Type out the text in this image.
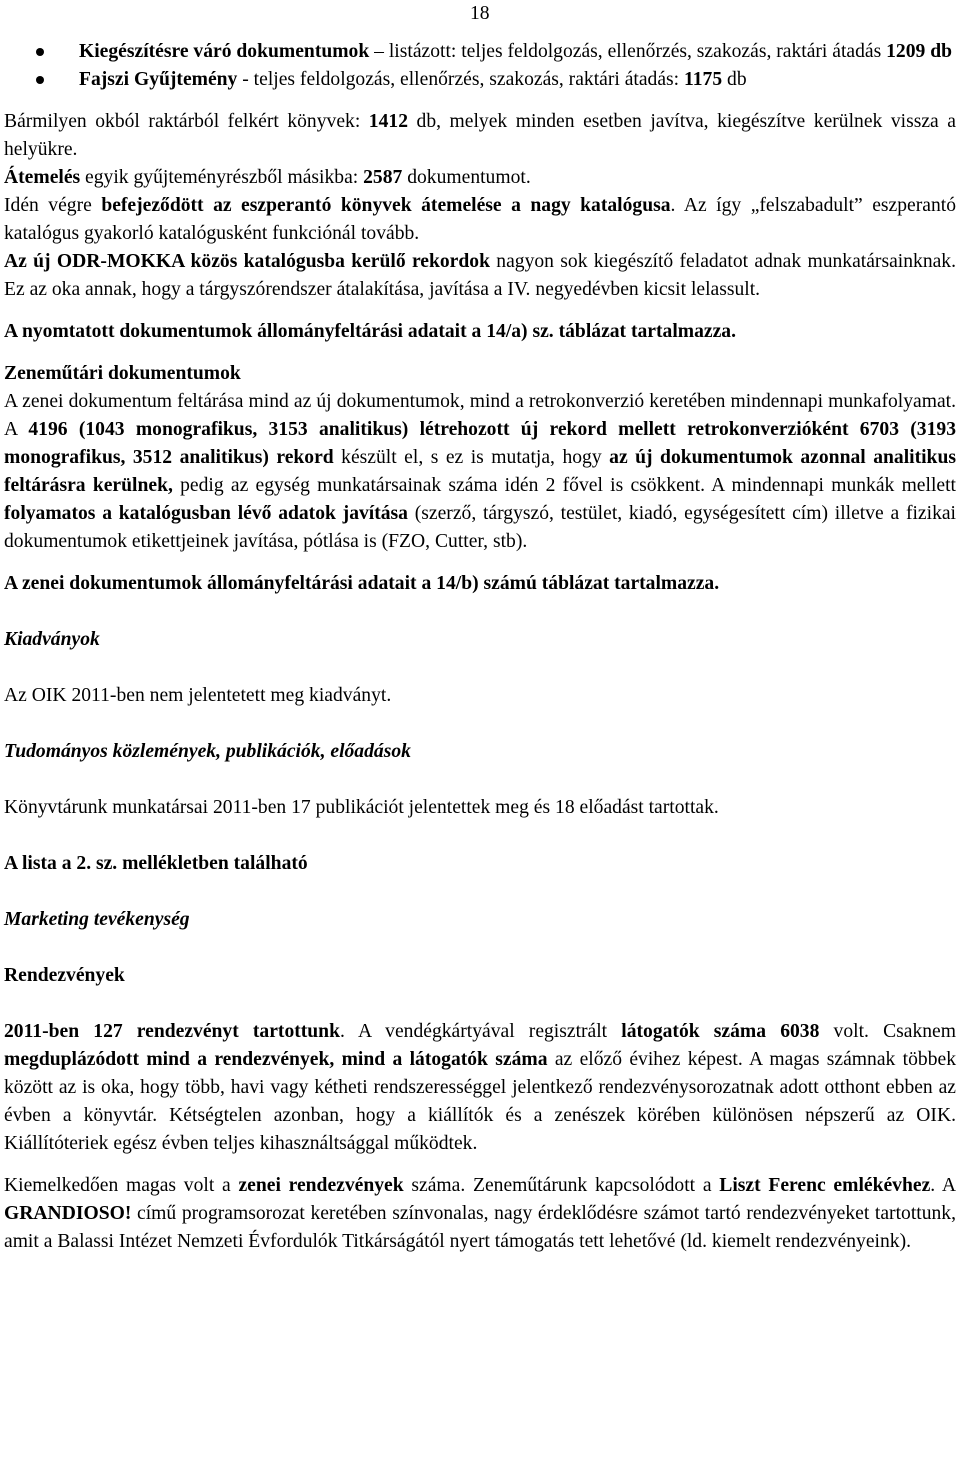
18
Kiegészítésre váró dokumentumok – listázott: teljes feldolgozás, ellenőrzés, szakozás, raktári átadás 1209 db
Fajszi Gyűjtemény - teljes feldolgozás, ellenőrzés, szakozás, raktári átadás: 1175 db

Bármilyen okból raktárból felkért könyvek: 1412 db, melyek minden esetben javítva, kiegészítve kerülnek vissza a helyükre.

Átemelés egyik gyűjteményrészből másikba: 2587 dokumentumot.

Idén végre befejeződött az eszperantó könyvek átemelése a nagy katalógusa. Az így „felszabadult” eszperantó katalógus gyakorló katalógusként funkciónál tovább.

Az új ODR-MOKKA közös katalógusba kerülő rekordok nagyon sok kiegészítő feladatot adnak munkatársainknak. Ez az oka annak, hogy a tárgyszórendszer átalakítása, javítása a IV. negyedévben kicsit lelassult.

A nyomtatott dokumentumok állományfeltárási adatait a 14/a) sz. táblázat tartalmazza.

Zeneműtári dokumentumok

A zenei dokumentum feltárása mind az új dokumentumok, mind a retrokonverzió keretében mindennapi munkafolyamat. A 4196 (1043 monografikus, 3153 analitikus) létrehozott új rekord mellett retrokonverzióként 6703 (3193 monografikus, 3512 analitikus) rekord készült el, s ez is mutatja, hogy az új dokumentumok azonnal analitikus feltárásra kerülnek, pedig az egység munkatársainak száma idén 2 fővel is csökkent. A mindennapi munkák mellett folyamatos a katalógusban lévő adatok javítása (szerző, tárgyszó, testület, kiadó, egységesített cím) illetve a fizikai dokumentumok etikettjeinek javítása, pótlása is (FZO, Cutter, stb).

A zenei dokumentumok állományfeltárási adatait a 14/b) számú táblázat tartalmazza.

Kiadványok

Az OIK 2011-ben nem jelentetett meg kiadványt.

Tudományos közlemények, publikációk, előadások

Könyvtárunk munkatársai 2011-ben 17 publikációt jelentettek meg és 18 előadást tartottak.

A lista a 2. sz. mellékletben található

Marketing tevékenység

Rendezvények

2011-ben 127 rendezvényt tartottunk. A vendégkártyával regisztrált látogatók száma 6038 volt. Csaknem megduplázódott mind a rendezvények, mind a látogatók száma az előző évihez képest. A magas számnak többek között az is oka, hogy több, havi vagy kétheti rendszerességgel jelentkező rendezvénysorozatnak adott otthont ebben az évben a könyvtár. Kétségtelen azonban, hogy a kiállítók és a zenészek körében különösen népszerű az OIK. Kiállítóteriek egész évben teljes kihasználtsággal működtek.

Kiemelkedően magas volt a zenei rendezvények száma. Zeneműtárunk kapcsolódott a Liszt Ferenc emlékévhez. A GRANDIOSO! című programsorozat keretében színvonalas, nagy érdeklődésre számot tartó rendezvényeket tartottunk, amit a Balassi Intézet Nemzeti Évfordulók Titkárságától nyert támogatás tett lehetővé (ld. kiemelt rendezvényeink).
